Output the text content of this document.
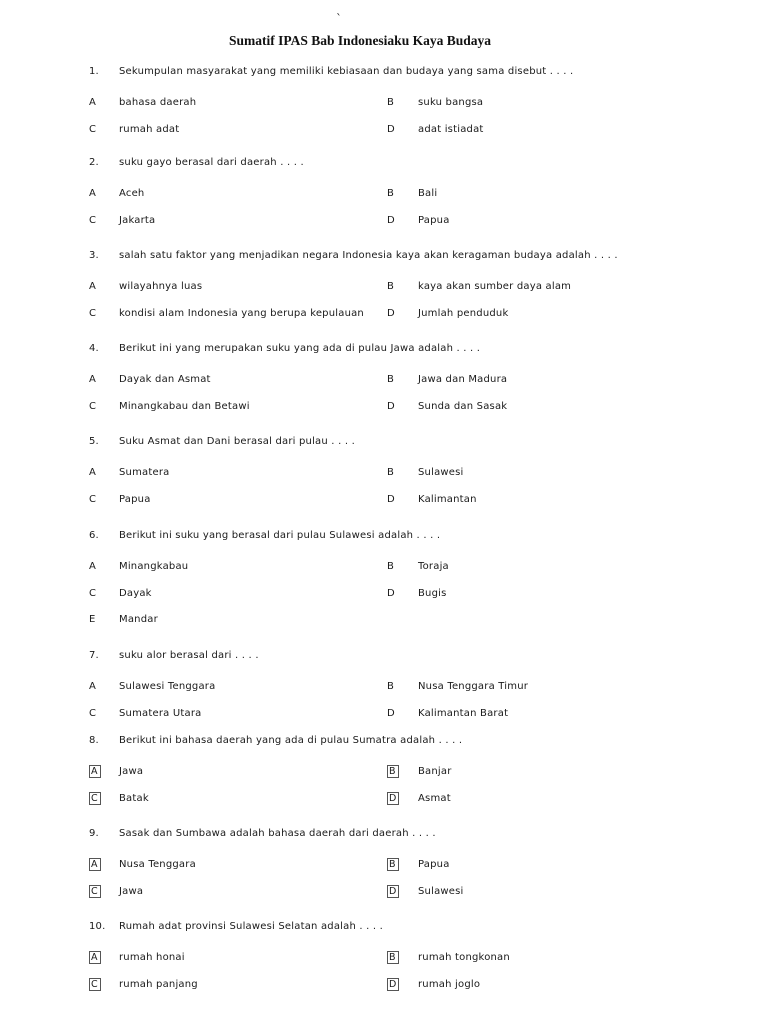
`
Sumatif IPAS Bab Indonesiaku Kaya Budaya
1. Sekumpulan masyarakat yang memiliki kebiasaan dan budaya yang sama disebut . . . .
A bahasa daerah	B suku bangsa
C rumah adat	D adat istiadat
2. suku gayo berasal dari daerah . . . .
A Aceh	B Bali
C Jakarta	D Papua
3. salah satu faktor yang menjadikan negara Indonesia kaya akan keragaman budaya adalah . . . .
A wilayahnya luas	B kaya akan sumber daya alam
C kondisi alam Indonesia yang berupa kepulauan D Jumlah penduduk
4. Berikut ini yang merupakan suku yang ada di pulau Jawa adalah . . . .
A Dayak dan Asmat	B Jawa dan Madura
C Minangkabau dan Betawi	D Sunda dan Sasak
5. Suku Asmat dan Dani berasal dari pulau . . . .
A Sumatera	B Sulawesi
C Papua	D Kalimantan
6. Berikut ini suku yang berasal dari pulau Sulawesi adalah . . . .
A Minangkabau	B Toraja
C Dayak	D Bugis
E Mandar
7. suku alor berasal dari . . . .
A Sulawesi Tenggara	B Nusa Tenggara Timur
C Sumatera Utara	D Kalimantan Barat
8. Berikut ini bahasa daerah yang ada di pulau Sumatra adalah . . . .
A	Jawa	B	Banjar
C	Batak	D Asmat
9. Sasak dan Sumbawa adalah bahasa daerah dari daerah . . . .
A	Nusa Tenggara	B	Papua
C	Jawa	D Sulawesi
10. Rumah adat provinsi Sulawesi Selatan adalah . . . .
A	rumah honai	B	rumah tongkonan
C	rumah panjang	D rumah joglo
